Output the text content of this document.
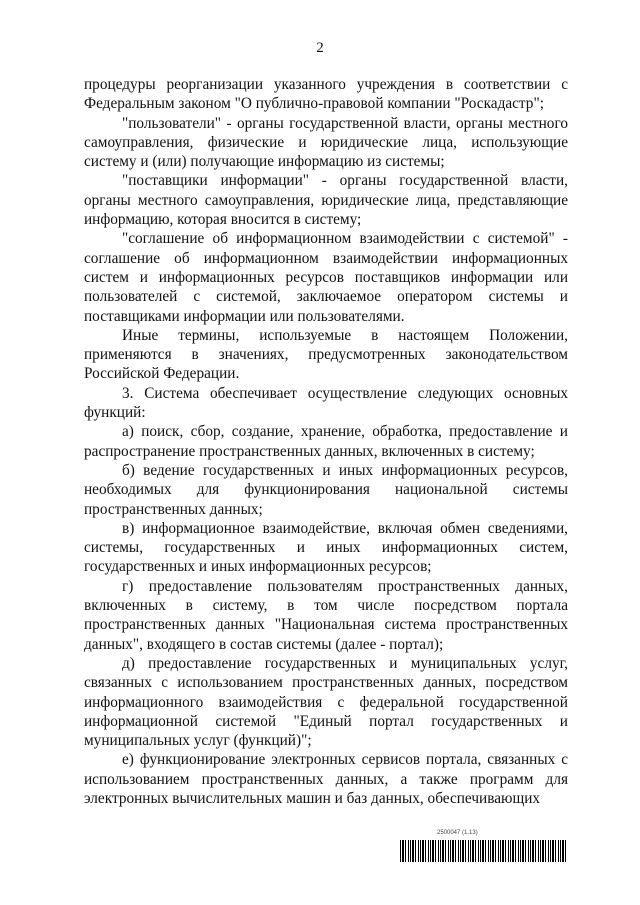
2

процедуры реорганизации указанного учреждения в соответствии с Федеральным законом "О публично-правовой компании "Роскадастр";

"пользователи" - органы государственной власти, органы местного самоуправления, физические и юридические лица, использующие систему и (или) получающие информацию из системы;

"поставщики информации" - органы государственной власти, органы местного самоуправления, юридические лица, представляющие информацию, которая вносится в систему;

"соглашение об информационном взаимодействии с системой" - соглашение об информационном взаимодействии информационных систем и информационных ресурсов поставщиков информации или пользователей с системой, заключаемое оператором системы и поставщиками информации или пользователями.

Иные термины, используемые в настоящем Положении, применяются в значениях, предусмотренных законодательством Российской Федерации.

3. Система обеспечивает осуществление следующих основных функций:

а) поиск, сбор, создание, хранение, обработка, предоставление и распространение пространственных данных, включенных в систему;

б) ведение государственных и иных информационных ресурсов, необходимых для функционирования национальной системы пространственных данных;

в) информационное взаимодействие, включая обмен сведениями, системы, государственных и иных информационных систем, государственных и иных информационных ресурсов;

г) предоставление пользователям пространственных данных, включенных в систему, в том числе посредством портала пространственных данных "Национальная система пространственных данных", входящего в состав системы (далее - портал);

д) предоставление государственных и муниципальных услуг, связанных с использованием пространственных данных, посредством информационного взаимодействия с федеральной государственной информационной системой "Единый портал государственных и муниципальных услуг (функций)";

е) функционирование электронных сервисов портала, связанных с использованием пространственных данных, а также программ для электронных вычислительных машин и баз данных, обеспечивающих

2500047 (1.13)
